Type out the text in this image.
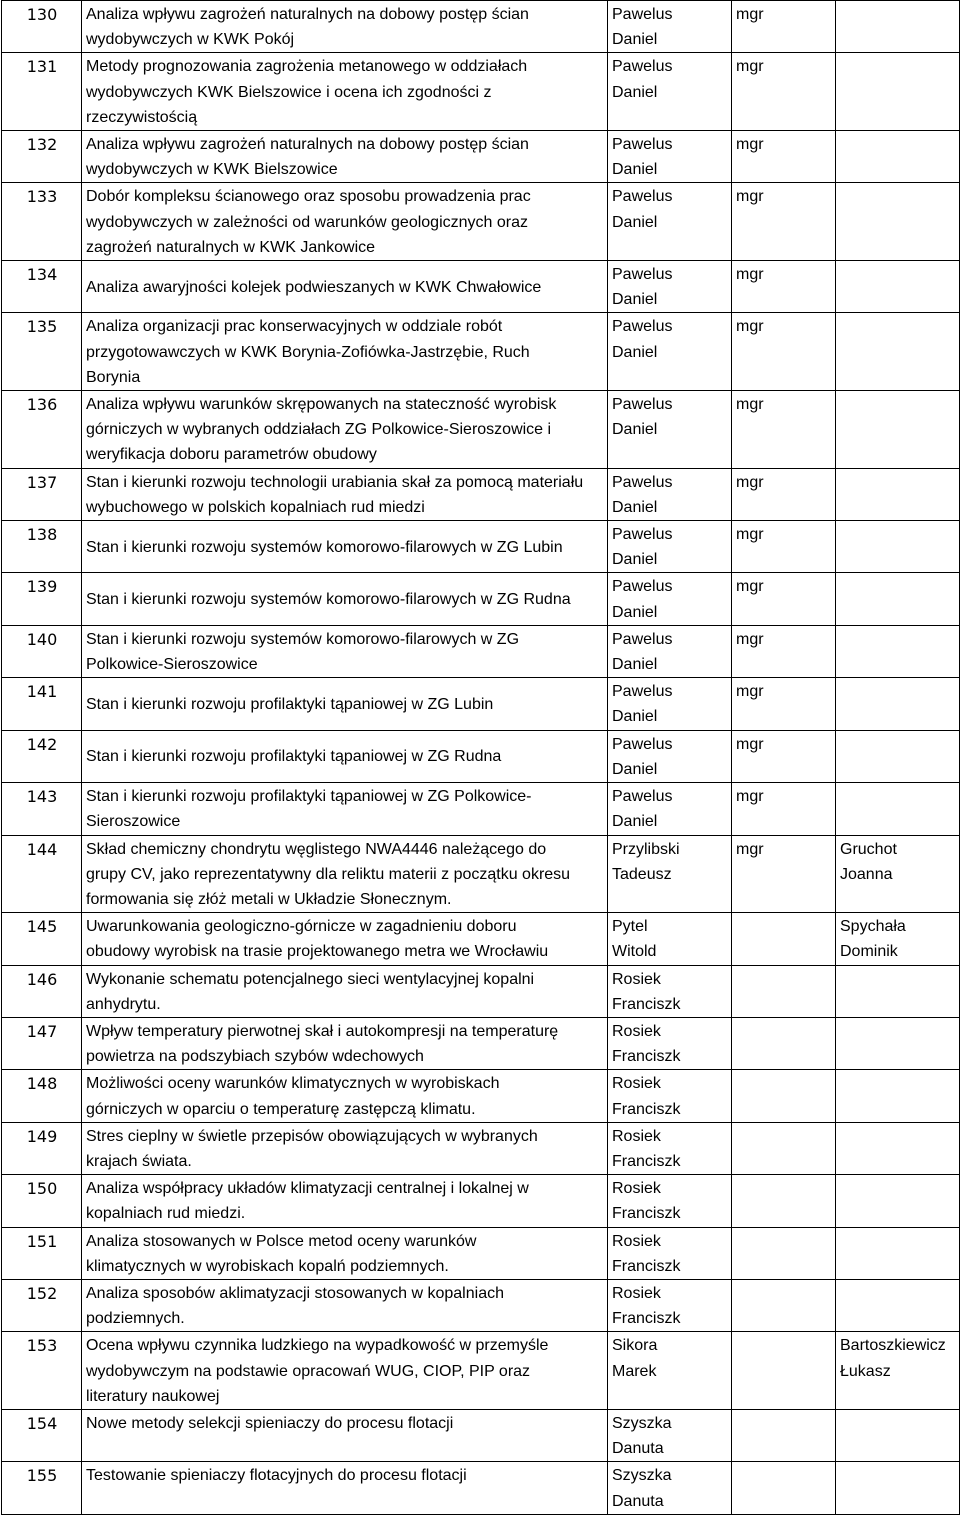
130	Analiza wpływu zagrożeń naturalnych na dobowy postęp ścian
wydobywczych w KWK Pokój	Pawelus
Daniel	mgr	
131	Metody prognozowania zagrożenia metanowego w oddziałach
wydobywczych KWK Bielszowice i ocena ich zgodności z
rzeczywistością	Pawelus
Daniel	mgr	
132	Analiza wpływu zagrożeń naturalnych na dobowy postęp ścian
wydobywczych w KWK Bielszowice	Pawelus
Daniel	mgr	
133	Dobór kompleksu ścianowego oraz sposobu prowadzenia prac
wydobywczych w zależności od warunków geologicznych oraz
zagrożeń naturalnych w KWK Jankowice	Pawelus
Daniel	mgr	
134	Analiza awaryjności kolejek podwieszanych w KWK Chwałowice	Pawelus
Daniel	mgr	
135	Analiza organizacji prac konserwacyjnych w oddziale robót
przygotowawczych w KWK Borynia-Zofiówka-Jastrzębie, Ruch
Borynia	Pawelus
Daniel	mgr	
136	Analiza wpływu warunków skrępowanych na stateczność wyrobisk
górniczych w wybranych oddziałach ZG Polkowice-Sieroszowice i
weryfikacja doboru parametrów obudowy	Pawelus
Daniel	mgr	
137	Stan i kierunki rozwoju technologii urabiania skał za pomocą materiału
wybuchowego w polskich kopalniach rud miedzi	Pawelus
Daniel	mgr	
138	Stan i kierunki rozwoju systemów komorowo-filarowych w ZG Lubin	Pawelus
Daniel	mgr	
139	Stan i kierunki rozwoju systemów komorowo-filarowych w ZG Rudna	Pawelus
Daniel	mgr	
140	Stan i kierunki rozwoju systemów komorowo-filarowych w ZG
Polkowice-Sieroszowice	Pawelus
Daniel	mgr	
141	Stan i kierunki rozwoju profilaktyki tąpaniowej w ZG Lubin	Pawelus
Daniel	mgr	
142	Stan i kierunki rozwoju profilaktyki tąpaniowej w ZG Rudna	Pawelus
Daniel	mgr	
143	Stan i kierunki rozwoju profilaktyki tąpaniowej w ZG Polkowice-
Sieroszowice	Pawelus
Daniel	mgr	
144	Skład chemiczny chondrytu węglistego NWA4446 należącego do
grupy CV, jako reprezentatywny dla reliktu materii z początku okresu
formowania się złóż metali w Układzie Słonecznym.	Przylibski
Tadeusz	mgr	Gruchot
Joanna

145	Uwarunkowania geologiczno-górnicze w zagadnieniu doboru
obudowy wyrobisk na trasie projektowanego metra we Wrocławiu	Pytel
Witold		Spychała
Dominik

146	Wykonanie schematu potencjalnego sieci wentylacyjnej kopalni
anhydrytu.	Rosiek
Franciszk		

147	Wpływ temperatury pierwotnej skał i autokompresji na temperaturę
powietrza na podszybiach szybów wdechowych	Rosiek
Franciszk		

148	Możliwości oceny warunków klimatycznych w wyrobiskach
górniczych w oparciu o temperaturę zastępczą klimatu.	Rosiek
Franciszk		

149	Stres cieplny w świetle przepisów obowiązujących w wybranych
krajach świata.	Rosiek
Franciszk		

150	Analiza współpracy układów klimatyzacji centralnej i lokalnej w
kopalniach rud miedzi.	Rosiek
Franciszk		

151	Analiza stosowanych w Polsce metod oceny warunków
klimatycznych w wyrobiskach kopalń podziemnych.	Rosiek
Franciszk		

152	Analiza sposobów aklimatyzacji stosowanych w kopalniach
podziemnych.	Rosiek
Franciszk		

153	Ocena wpływu czynnika ludzkiego na wypadkowość w przemyśle
wydobywczym na podstawie opracowań WUG, CIOP, PIP oraz
literatury naukowej	Sikora
Marek		Bartoszkiewicz
Łukasz

154	Nowe metody selekcji spieniaczy do procesu flotacji	Szyszka
Danuta		

155	Testowanie spieniaczy flotacyjnych do procesu flotacji	Szyszka
Danuta		
